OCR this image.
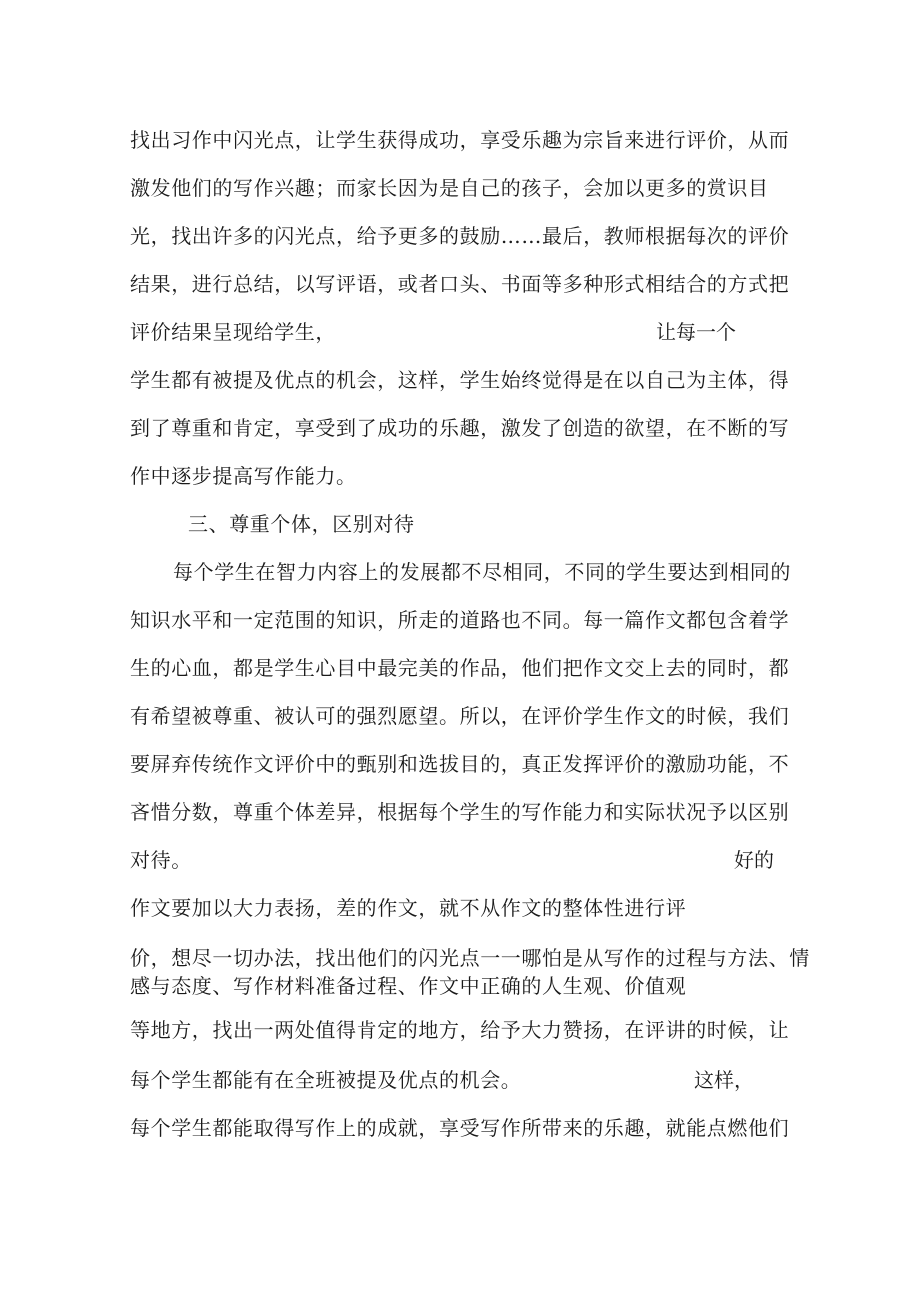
找出习作中闪光点，让学生获得成功，享受乐趣为宗旨来进行评价，从而
激发他们的写作兴趣；而家长因为是自己的孩子，会加以更多的赏识目
光，找出许多的闪光点，给予更多的鼓励……最后，教师根据每次的评价
结果，进行总结，以写评语，或者口头、书面等多种形式相结合的方式把
评价结果呈现给学生，	让每一个
学生都有被提及优点的机会，这样，学生始终觉得是在以自己为主体，得
到了尊重和肯定，享受到了成功的乐趣，激发了创造的欲望，在不断的写
作中逐步提高写作能力。
三、尊重个体，区别对待
每个学生在智力内容上的发展都不尽相同，不同的学生要达到相同的
知识水平和一定范围的知识，所走的道路也不同。每一篇作文都包含着学
生的心血，都是学生心目中最完美的作品，他们把作文交上去的同时，都
有希望被尊重、被认可的强烈愿望。所以，在评价学生作文的时候，我们
要屏弃传统作文评价中的甄别和选拔目的，真正发挥评价的激励功能，不
吝惜分数，尊重个体差异，根据每个学生的写作能力和实际状况予以区别
对待。	好的
作文要加以大力表扬，差的作文，就不从作文的整体性进行评
价，想尽一切办法，找出他们的闪光点一一哪怕是从写作的过程与方法、情
感与态度、写作材料准备过程、作文中正确的人生观、价值观
等地方，找出一两处值得肯定的地方，给予大力赞扬，在评讲的时候，让
每个学生都能有在全班被提及优点的机会。	这样，
每个学生都能取得写作上的成就，享受写作所带来的乐趣，就能点燃他们
